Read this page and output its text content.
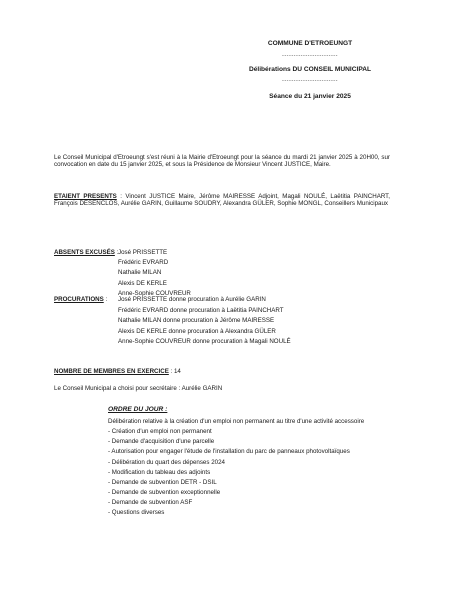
COMMUNE D'ETROEUNGT
------------------------
Délibérations DU CONSEIL MUNICIPAL
------------------------
Séance du 21 janvier 2025
Le Conseil Municipal d'Etroeungt s'est réuni à la Mairie d'Etroeungt pour la séance du mardi 21 janvier 2025 à 20H00, sur convocation en date du 15 janvier 2025, et sous la Présidence de Monsieur Vincent JUSTICE, Maire.
ETAIENT PRESENTS : Vincent JUSTICE Maire, Jérôme MAIRESSE Adjoint, Magali NOULÉ, Laëtitia PAINCHART, François DESENCLOS, Aurélie GARIN, Guillaume SOUDRY, Alexandra GÜLER, Sophie MONGL, Conseillers Municipaux
ABSENTS EXCUSÉS : José PRISSETTE
Frédéric EVRARD
Nathalie MILAN
Alexis DE KERLE
Anne-Sophie COUVREUR
PROCURATIONS : José PRISSETTE donne procuration à Aurélie GARIN
Frédéric EVRARD donne procuration à Laëtitia PAINCHART
Nathalie MILAN donne procuration à Jérôme MAIRESSE
Alexis DE KERLE donne procuration à Alexandra GÜLER
Anne-Sophie COUVREUR donne procuration à Magali NOULÉ
NOMBRE DE MEMBRES EN EXERCICE : 14
Le Conseil Municipal a choisi pour secrétaire : Aurélie GARIN
ORDRE DU JOUR :
Délibération relative à la création d'un emploi non permanent au titre d'une activité accessoire
- Création d'un emploi non permanent
- Demande d'acquisition d'une parcelle
- Autorisation pour engager l'étude de l'installation du parc de panneaux photovoltaïques
- Délibération du quart des dépenses 2024
- Modification du tableau des adjoints
- Demande de subvention DETR - DSIL
- Demande de subvention exceptionnelle
- Demande de subvention ASF
- Questions diverses
